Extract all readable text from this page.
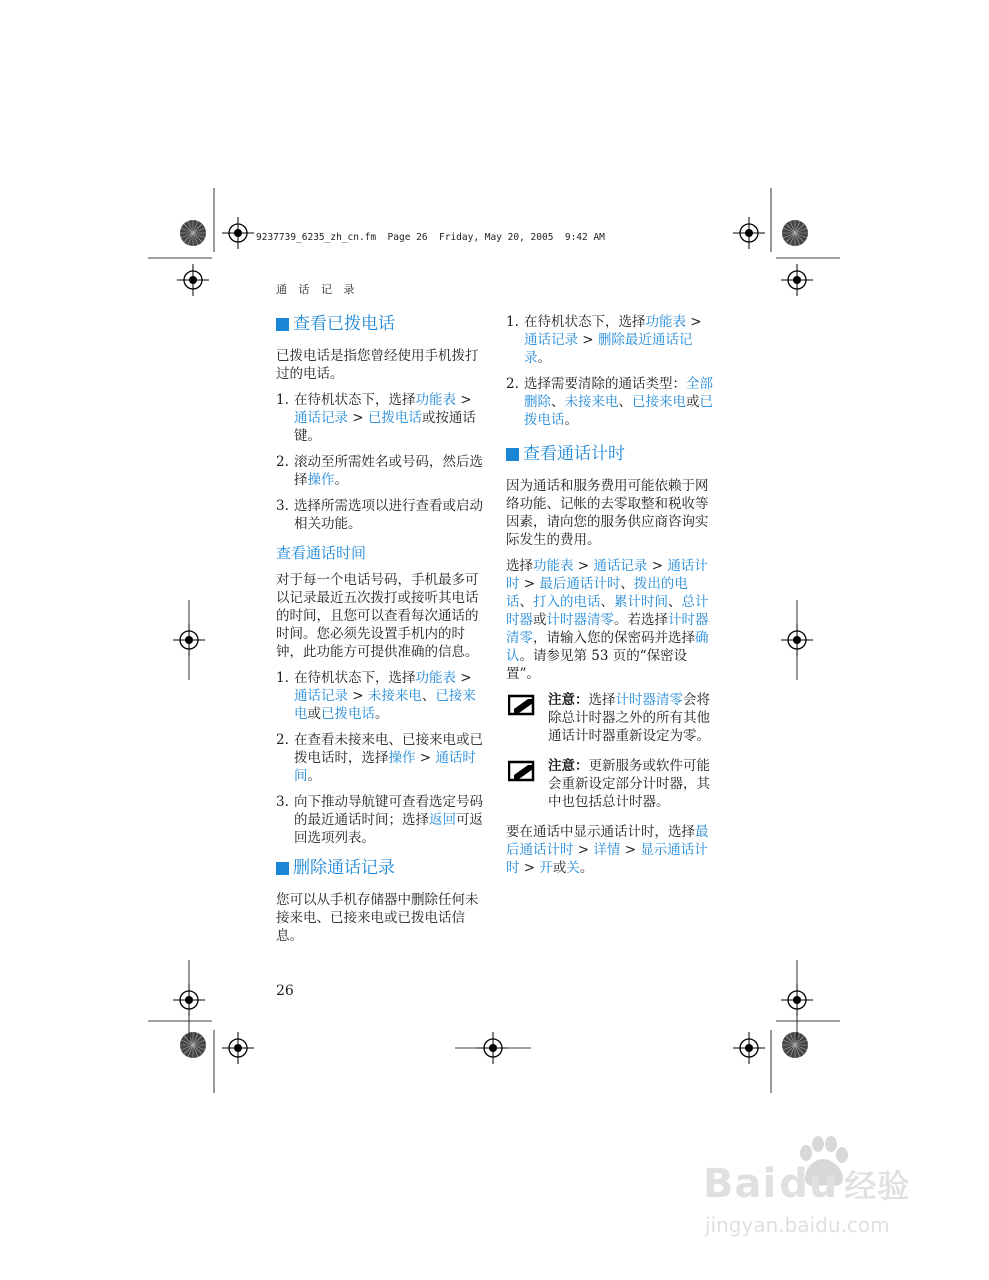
9237739_6235_zh_cn.fm  Page 26  Friday, May 20, 2005  9:42 AM
通 话 记 录
查看已拨电话

已拨电话是指您曾经使用手机拨打过的电话。

1. 在待机状态下，选择功能表 > 通话记录 > 已拨电话或按通话键。
2. 滚动至所需姓名或号码，然后选择操作。
3. 选择所需选项以进行查看或启动相关功能。
查看通话时间

对于每一个电话号码，手机最多可以记录最近五次拨打或接听其电话的时间，且您可以查看每次通话的时间。您必须先设置手机内的时钟，此功能方可提供准确的信息。

1. 在待机状态下，选择功能表 > 通话记录 > 未接来电、已接来电或已拨电话。
2. 在查看未接来电、已接来电或已拨电话时，选择操作 > 通话时间。
3. 向下推动导航键可查看选定号码的最近通话时间；选择返回可返回选项列表。
删除通话记录

您可以从手机存储器中删除任何未接来电、已接来电或已拨电话信息。

1. 在待机状态下，选择功能表 > 通话记录 > 删除最近通话记录。
2. 选择需要清除的通话类型：全部删除、未接来电、已接来电或已拨电话。
查看通话计时

因为通话和服务费用可能依赖于网络功能、记帐的去零取整和税收等因素，请向您的服务供应商咨询实际发生的费用。

选择功能表 > 通话记录 > 通话计时 > 最后通话计时、拨出的电话、打入的电话、累计时间、总计时器或计时器清零。若选择计时器清零，请输入您的保密码并选择确认。请参见第 53 页的“保密设置”。

注意：选择计时器清零会将除总计时器之外的所有其他通话计时器重新设定为零。
注意：更新服务或软件可能会重新设定部分计时器，其中也包括总计时器。

要在通话中显示通话计时，选择最后通话计时 > 详情 > 显示通话计时 > 开或关。

26
Baidu 经验
jingyan.baidu.com
